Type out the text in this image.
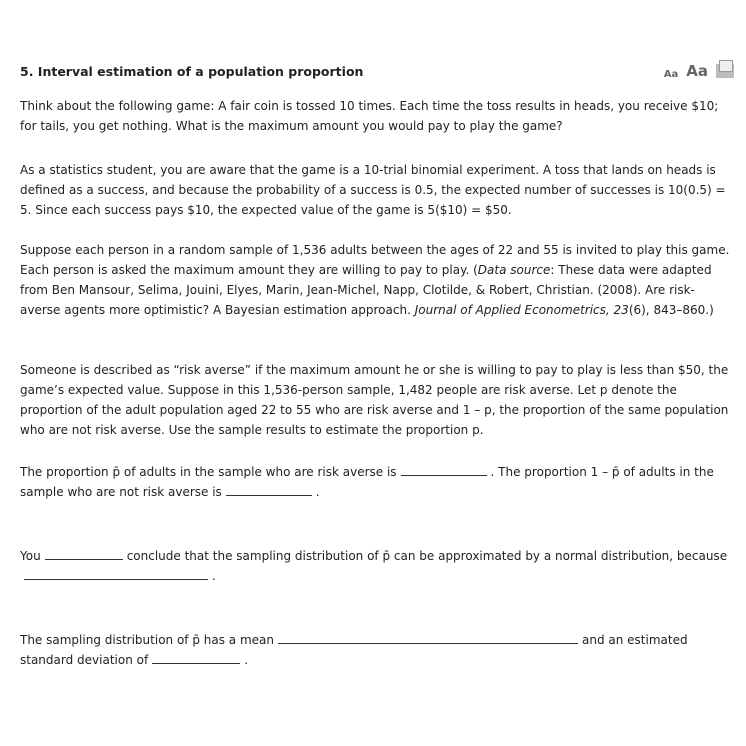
5. Interval estimation of a population proportion	Aa Aa

Think about the following game: A fair coin is tossed 10 times. Each time the toss results in heads, you receive $10; for tails, you get nothing. What is the maximum amount you would pay to play the game?

As a statistics student, you are aware that the game is a 10-trial binomial experiment. A toss that lands on heads is defined as a success, and because the probability of a success is 0.5, the expected number of successes is 10(0.5) = 5. Since each success pays $10, the expected value of the game is 5($10) = $50.

Suppose each person in a random sample of 1,536 adults between the ages of 22 and 55 is invited to play this game. Each person is asked the maximum amount they are willing to pay to play. (Data source: These data were adapted from Ben Mansour, Selima, Jouini, Elyes, Marin, Jean-Michel, Napp, Clotilde, & Robert, Christian. (2008). Are risk-averse agents more optimistic? A Bayesian estimation approach. Journal of Applied Econometrics, 23(6), 843–860.)

Someone is described as “risk averse” if the maximum amount he or she is willing to pay to play is less than $50, the game’s expected value. Suppose in this 1,536-person sample, 1,482 people are risk averse. Let p denote the proportion of the adult population aged 22 to 55 who are risk averse and 1 – p, the proportion of the same population who are not risk averse. Use the sample results to estimate the proportion p.

The proportion p̄ of adults in the sample who are risk averse is	. The proportion 1 – p̄ of adults in the sample who are not risk averse is	.

You	conclude that the sampling distribution of p̄ can be approximated by a normal distribution, because.

The sampling distribution of p̄ has a mean	and an estimated standard deviation of	.
